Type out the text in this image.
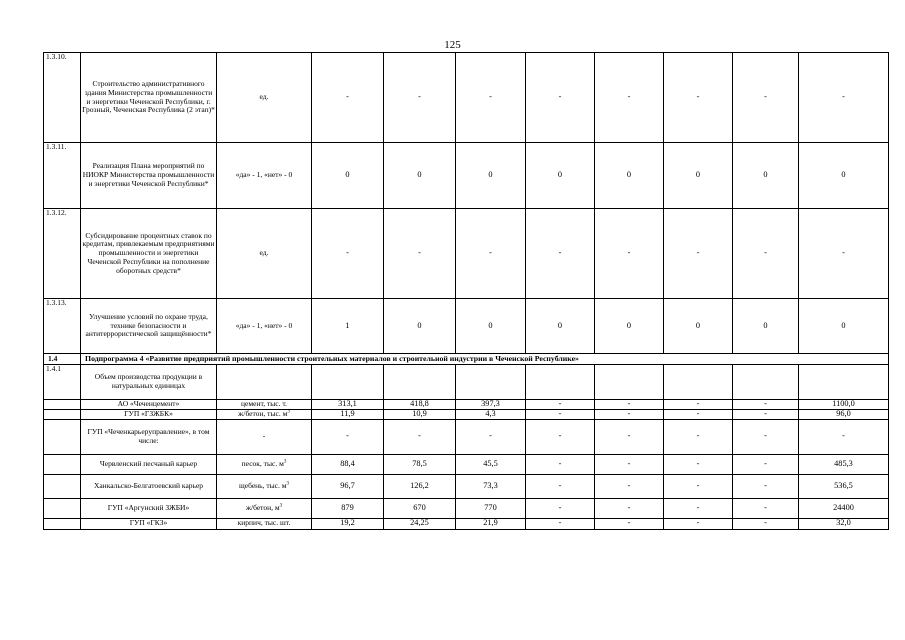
125
1.3.10.	Строительство административного здания Министерства промышленности и энергетики Чеченской Республики, г. Грозный, Чеченская Республика (2 этап)*	ед.	-	-	-	-	-	-	-	-
1.3.11.	Реализация Плана мероприятий по НИОКР Министерства промышленности и энергетики Чеченской Республики*	«да» - 1, «нет» - 0	0	0	0	0	0	0	0	0
1.3.12.	Субсидирование процентных ставок по кредитам, привлекаемым предприятиями промышленности и энергетики Чеченской Республики на пополнение оборотных средств*	ед.	-	-	-	-	-	-	-	-
1.3.13.	Улучшение условий по охране труда, технике безопасности и антитеррористической защищённости*	«да» - 1, «нет» - 0	1	0	0	0	0	0	0	0
1.4	Подпрограмма 4 «Развитие предприятий промышленности строительных материалов и строительной индустрии в Чеченской Республике»									
1.4.1	Объем производства продукции в натуральных единицах									
	АО «Чеченцемент»	цемент, тыс. т.	313,1	418,8	397,3	-	-	-	-	1100,0
	ГУП «ГЗЖБК»	ж/бетон, тыс. $м^3$	11,9	10,9	4,3	-	-	-	-	96,0
	ГУП «Чеченкарьеруправление», в том числе:	-	-	-	-	-	-	-	-	-
	Червленский песчаный карьер	песок, тыс. $м^3$	88,4	78,5	45,5	-	-	-	-	485,3
	Ханкальско-Белгатоевский карьер	щебень, тыс. $м^3$	96,7	126,2	73,3	-	-	-	-	536,5
	ГУП «Аргунский ЗЖБИ»	ж/бетон, $м^3$	879	670	770	-	-	-	-	24400
	ГУП «ГКЗ»	кирпич, тыс. шт.	19,2	24,25	21,9	-	-	-	-	32,0
